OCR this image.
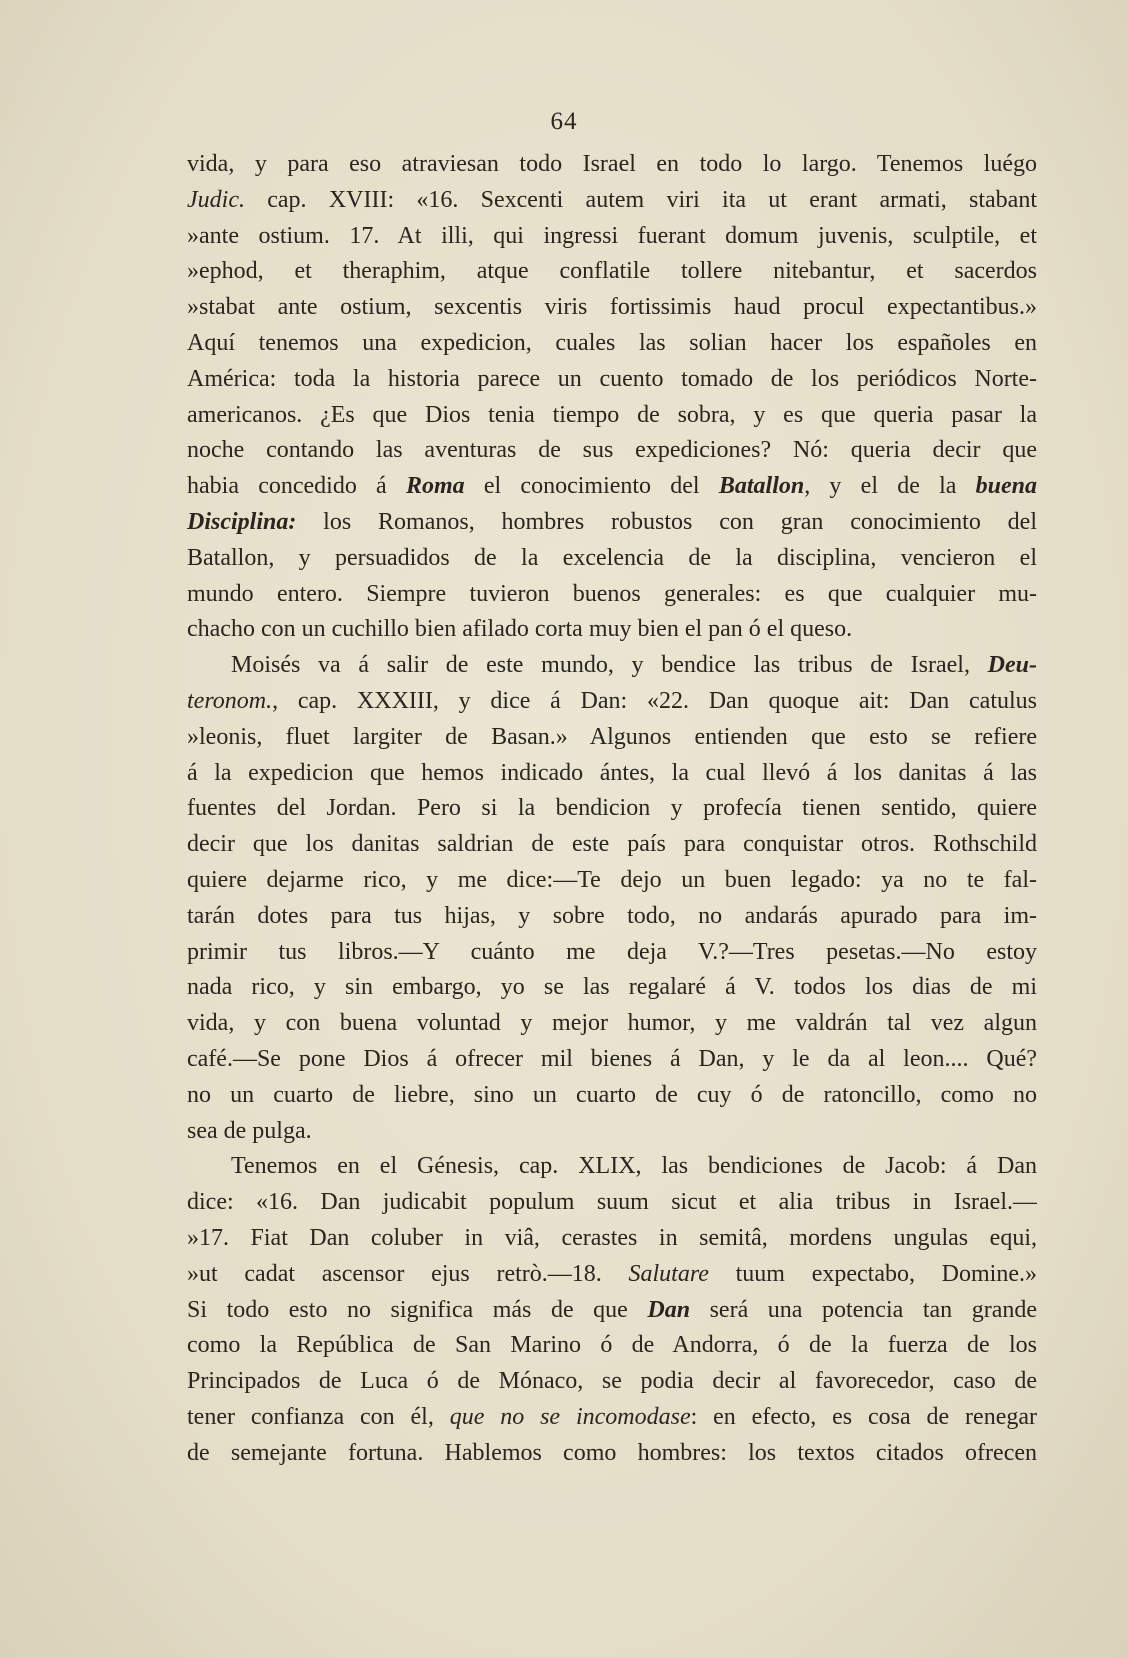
64
vida, y para eso atraviesan todo Israel en todo lo largo. Tenemos luégo
Judic. cap. XVIII: «16. Sexcenti autem viri ita ut erant armati, stabant
»ante ostium. 17. At illi, qui ingressi fuerant domum juvenis, sculptile, et
»ephod, et theraphim, atque conflatile tollere nitebantur, et sacerdos
»stabat ante ostium, sexcentis viris fortissimis haud procul expectantibus.»
Aquí tenemos una expedicion, cuales las solian hacer los españoles en
América: toda la historia parece un cuento tomado de los periódicos Norte-
americanos. ¿Es que Dios tenia tiempo de sobra, y es que queria pasar la
noche contando las aventuras de sus expediciones? Nó: queria decir que
habia concedido á Roma el conocimiento del Batallon, y el de la buena
Disciplina: los Romanos, hombres robustos con gran conocimiento del
Batallon, y persuadidos de la excelencia de la disciplina, vencieron el
mundo entero. Siempre tuvieron buenos generales: es que cualquier mu-
chacho con un cuchillo bien afilado corta muy bien el pan ó el queso.
Moisés va á salir de este mundo, y bendice las tribus de Israel, Deu-
teronom., cap. XXXIII, y dice á Dan: «22. Dan quoque ait: Dan catulus
»leonis, fluet largiter de Basan.» Algunos entienden que esto se refiere
á la expedicion que hemos indicado ántes, la cual llevó á los danitas á las
fuentes del Jordan. Pero si la bendicion y profecía tienen sentido, quiere
decir que los danitas saldrian de este país para conquistar otros. Rothschild
quiere dejarme rico, y me dice:—Te dejo un buen legado: ya no te fal-
tarán dotes para tus hijas, y sobre todo, no andarás apurado para im-
primir tus libros.—Y cuánto me deja V.?—Tres pesetas.—No estoy
nada rico, y sin embargo, yo se las regalaré á V. todos los dias de mi
vida, y con buena voluntad y mejor humor, y me valdrán tal vez algun
café.—Se pone Dios á ofrecer mil bienes á Dan, y le da al leon.... Qué?
no un cuarto de liebre, sino un cuarto de cuy ó de ratoncillo, como no
sea de pulga.
Tenemos en el Génesis, cap. XLIX, las bendiciones de Jacob: á Dan
dice: «16. Dan judicabit populum suum sicut et alia tribus in Israel.—
»17. Fiat Dan coluber in viâ, cerastes in semitâ, mordens ungulas equi,
»ut cadat ascensor ejus retrò.—18. Salutare tuum expectabo, Domine.»
Si todo esto no significa más de que Dan será una potencia tan grande
como la República de San Marino ó de Andorra, ó de la fuerza de los
Principados de Luca ó de Mónaco, se podia decir al favorecedor, caso de
tener confianza con él, que no se incomodase: en efecto, es cosa de renegar
de semejante fortuna. Hablemos como hombres: los textos citados ofrecen
